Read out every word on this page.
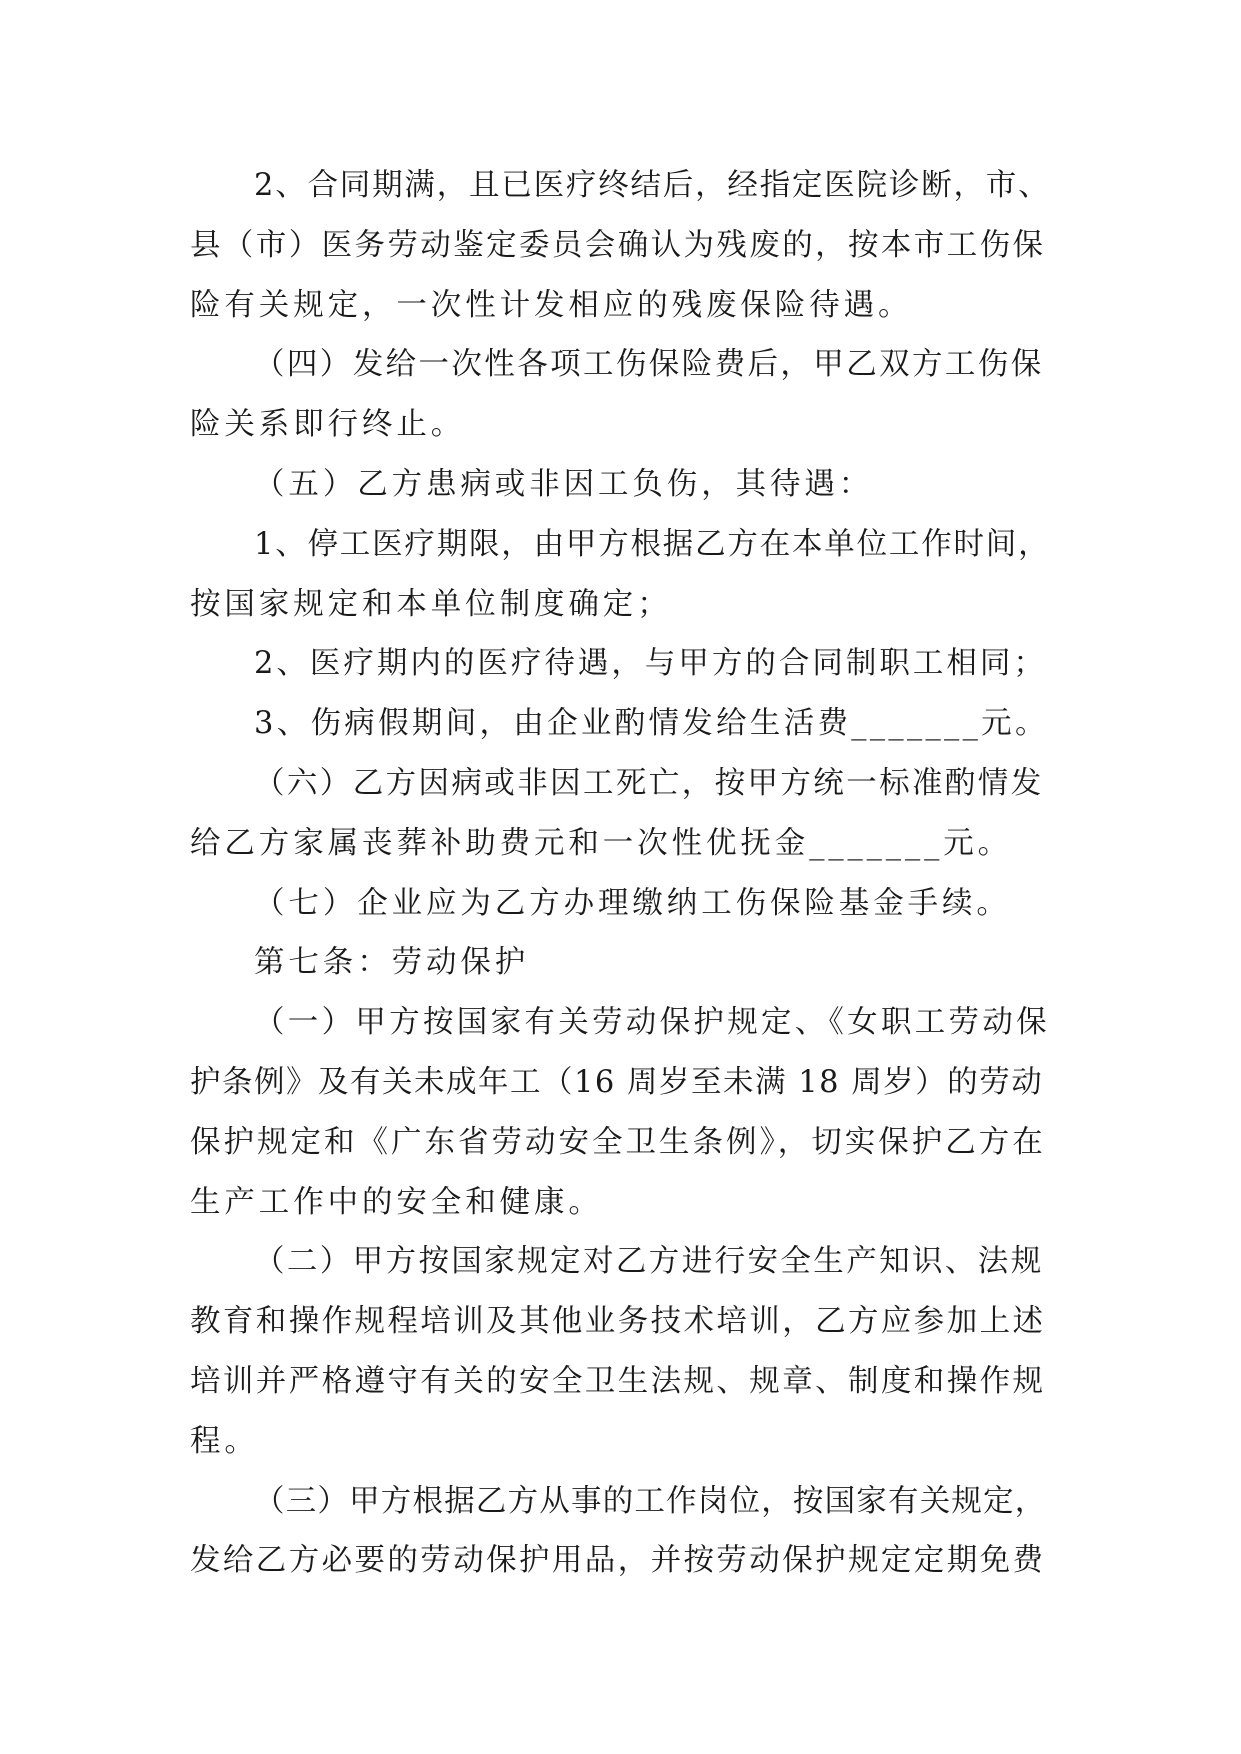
2、合同期满，且已医疗终结后，经指定医院诊断，市、
县（市）医务劳动鉴定委员会确认为残废的，按本市工伤保
险有关规定，一次性计发相应的残废保险待遇。
（四）发给一次性各项工伤保险费后，甲乙双方工伤保
险关系即行终止。
（五）乙方患病或非因工负伤，其待遇：
1、停工医疗期限，由甲方根据乙方在本单位工作时间，
按国家规定和本单位制度确定；
2、医疗期内的医疗待遇，与甲方的合同制职工相同；
3、伤病假期间，由企业酌情发给生活费_______元。
（六）乙方因病或非因工死亡，按甲方统一标准酌情发
给乙方家属丧葬补助费元和一次性优抚金_______元。
（七）企业应为乙方办理缴纳工伤保险基金手续。
第七条：劳动保护
（一）甲方按国家有关劳动保护规定、《女职工劳动保
护条例》及有关未成年工（16 周岁至未满 18 周岁）的劳动
保护规定和《广东省劳动安全卫生条例》，切实保护乙方在
生产工作中的安全和健康。
（二）甲方按国家规定对乙方进行安全生产知识、法规
教育和操作规程培训及其他业务技术培训，乙方应参加上述
培训并严格遵守有关的安全卫生法规、规章、制度和操作规
程。
（三）甲方根据乙方从事的工作岗位，按国家有关规定，
发给乙方必要的劳动保护用品，并按劳动保护规定定期免费
